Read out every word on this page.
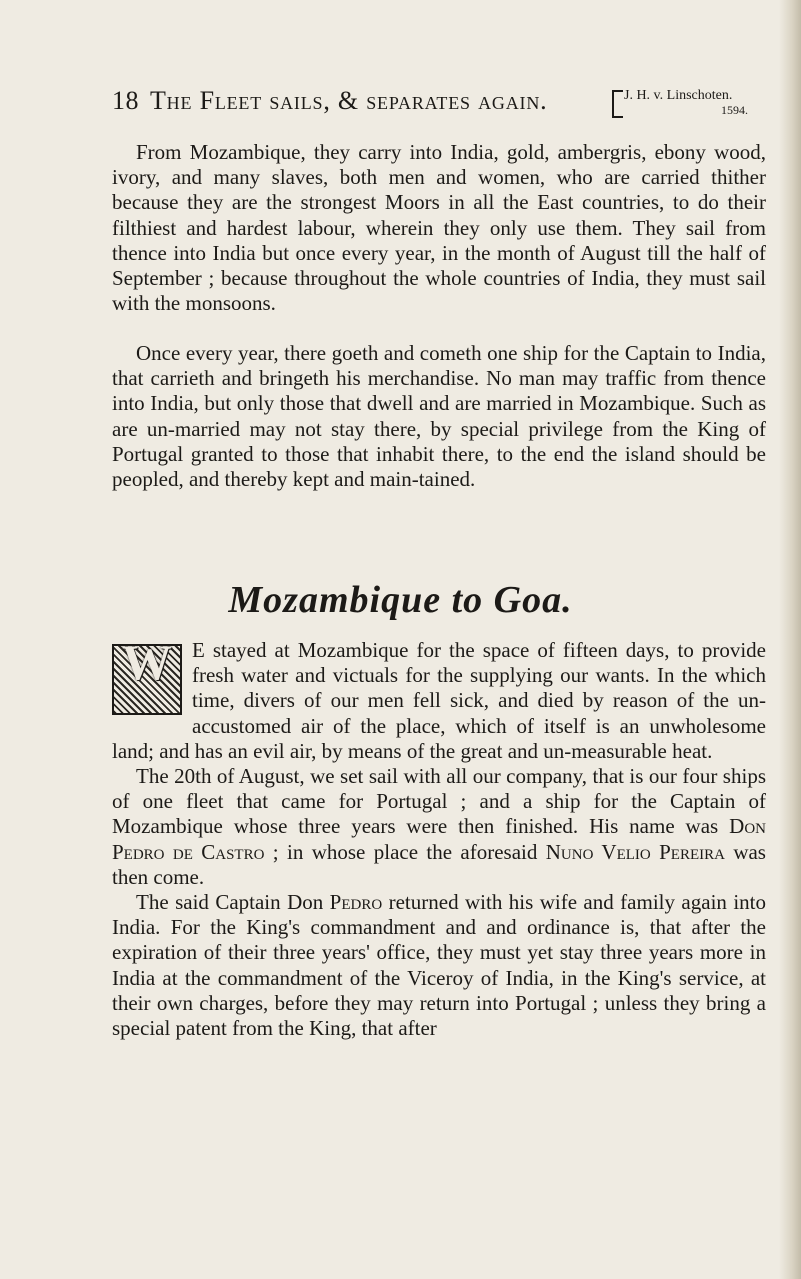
18 The Fleet sails, & separates again.	J. H. v. Linschoten.
1594.

From Mozambique, they carry into India, gold, ambergris, ebony wood, ivory, and many slaves, both men and women, who are carried thither because they are the strongest Moors in all the East countries, to do their filthiest and hardest labour, wherein they only use them. They sail from thence into India but once every year, in the month of August till the half of September ; because throughout the whole countries of India, they must sail with the monsoons.

Once every year, there goeth and cometh one ship for the Captain to India, that carrieth and bringeth his merchandise. No man may traffic from thence into India, but only those that dwell and are married in Mozambique. Such as are un-married may not stay there, by special privilege from the King of Portugal granted to those that inhabit there, to the end the island should be peopled, and thereby kept and main-tained.

Mozambique to Goa.

W E stayed at Mozambique for the space of fifteen days, to provide fresh water and victuals for the supplying our wants. In the which time, divers of our men fell sick, and died by reason of the un-accustomed air of the place, which of itself is an unwholesome land; and has an evil air, by means of the great and un-measurable heat.

The 20th of August, we set sail with all our company, that is our four ships of one fleet that came for Portugal ; and a ship for the Captain of Mozambique whose three years were then finished. His name was Don Pedro de Castro ; in whose place the aforesaid Nuno Velio Pereira was then come.

The said Captain Don Pedro returned with his wife and family again into India. For the King's commandment and and ordinance is, that after the expiration of their three years' office, they must yet stay three years more in India at the commandment of the Viceroy of India, in the King's service, at their own charges, before they may return into Portugal ; unless they bring a special patent from the King, that after
